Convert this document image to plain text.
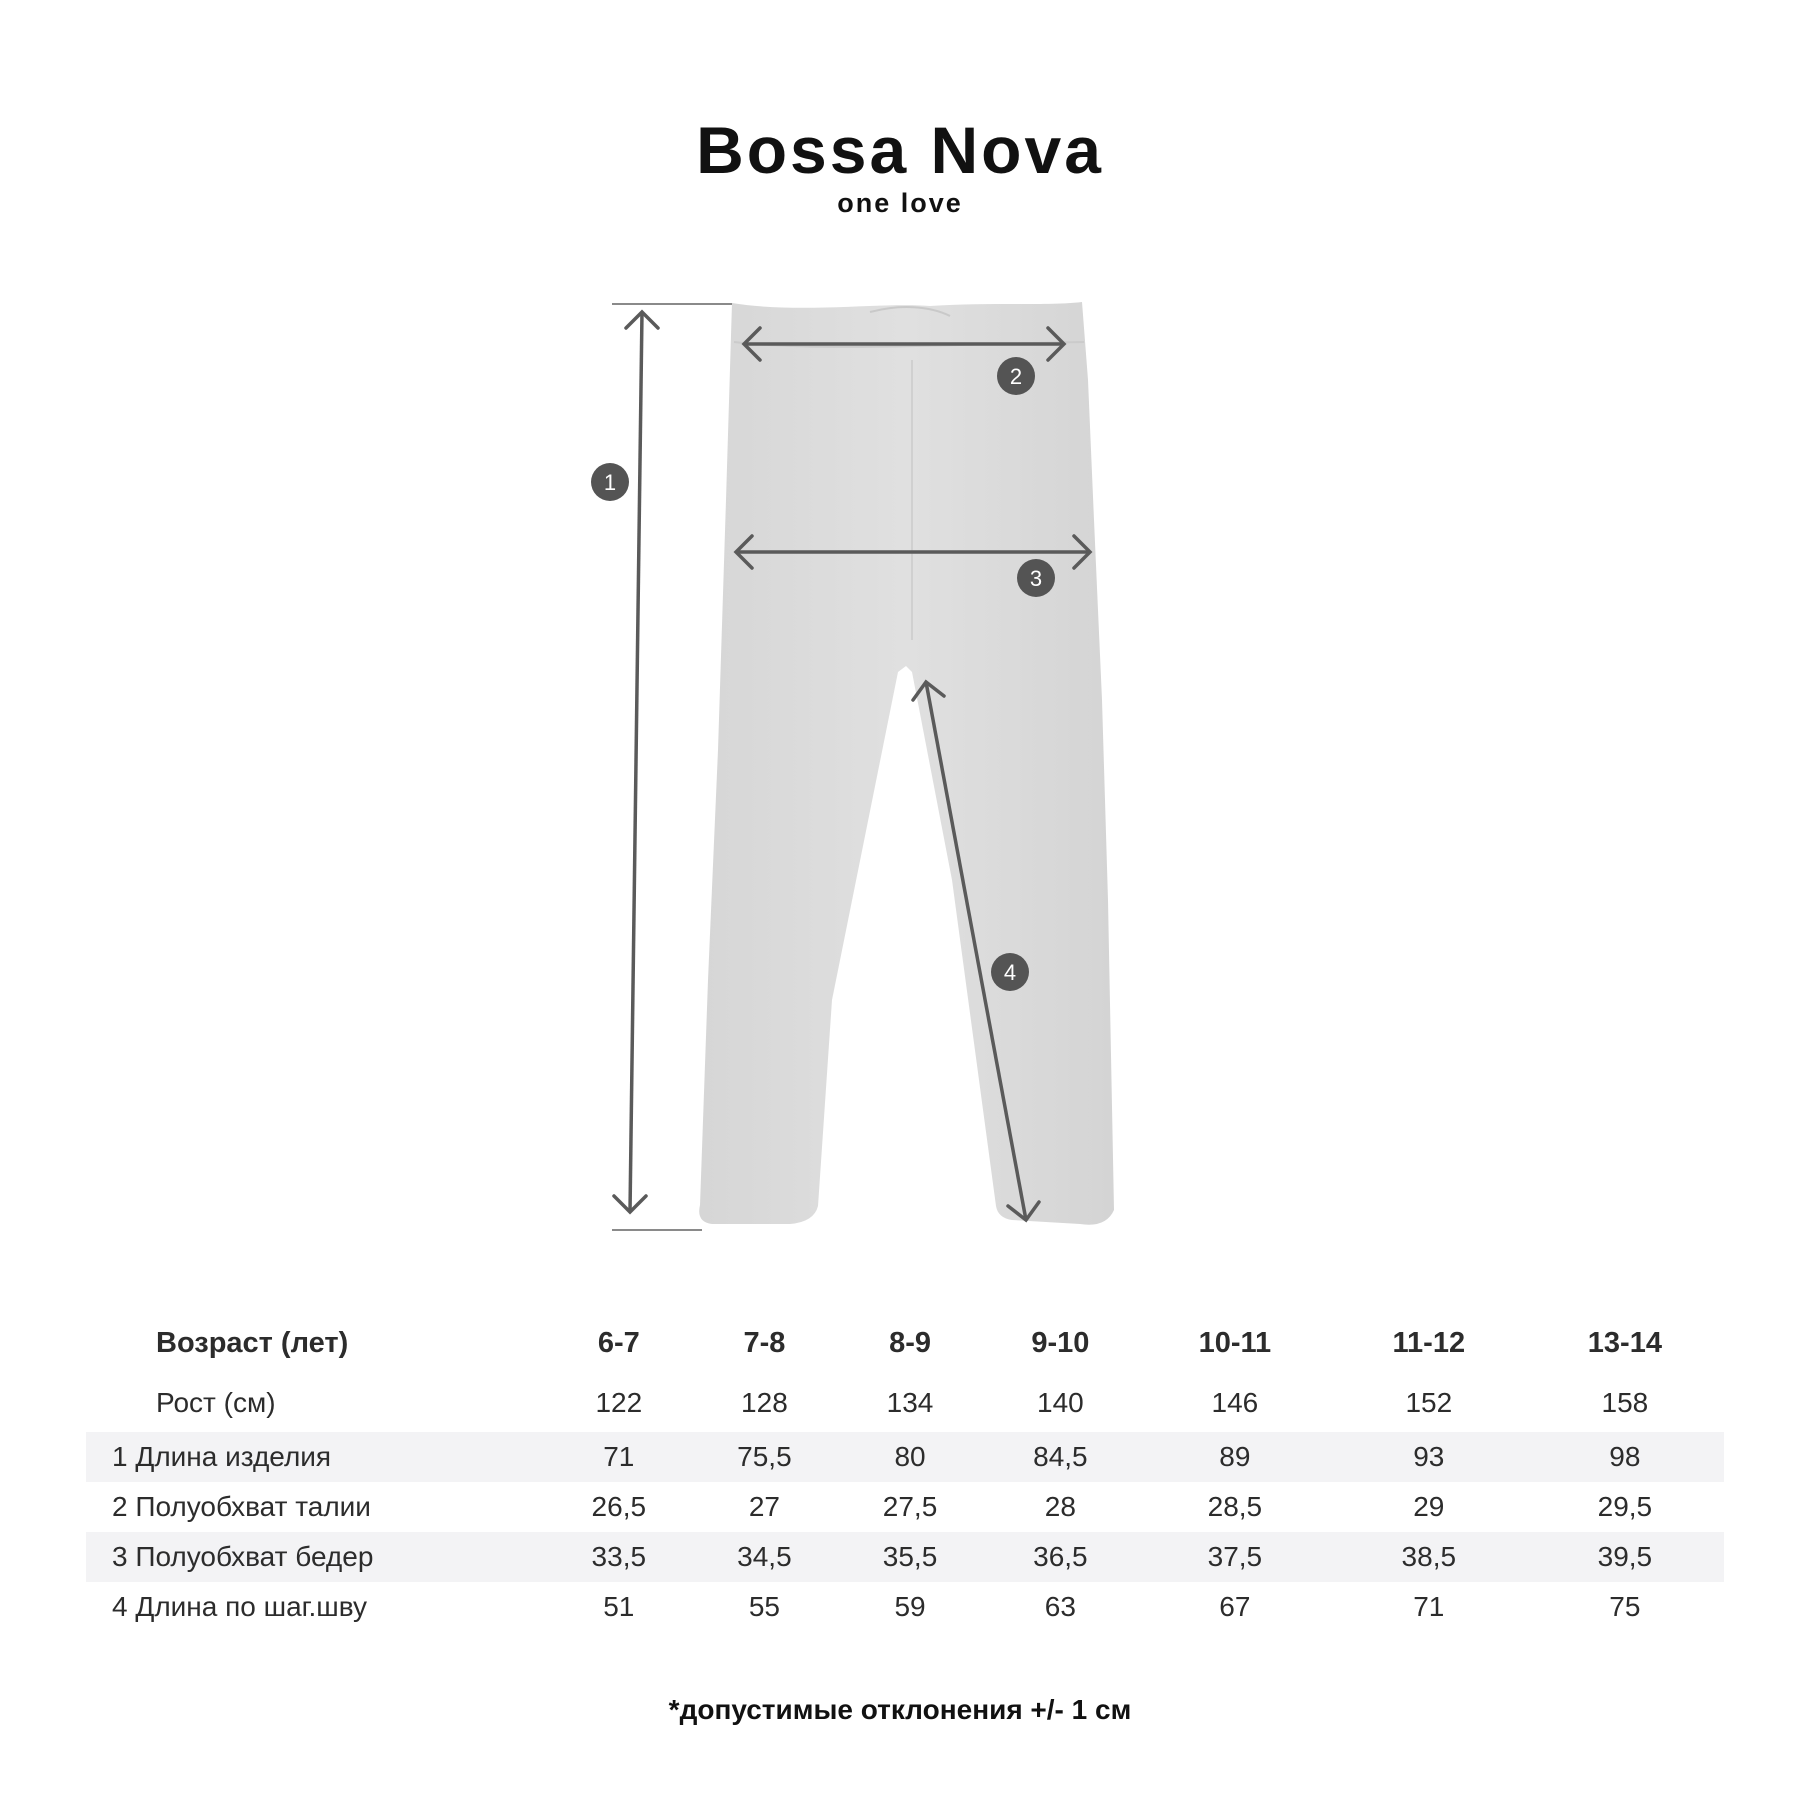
Bossa Nova
one love
1
2
3
4
Возраст (лет)	6-7	7-8	8-9	9-10	10-11	11-12	13-14
Рост (см)	122	128	134	140	146	152	158
1 Длина изделия	71	75,5	80	84,5	89	93	98
2 Полуобхват талии	26,5	27	27,5	28	28,5	29	29,5
3 Полуобхват бедер	33,5	34,5	35,5	36,5	37,5	38,5	39,5
4 Длина по шаг.шву	51	55	59	63	67	71	75
*допустимые отклонения +/- 1 см
